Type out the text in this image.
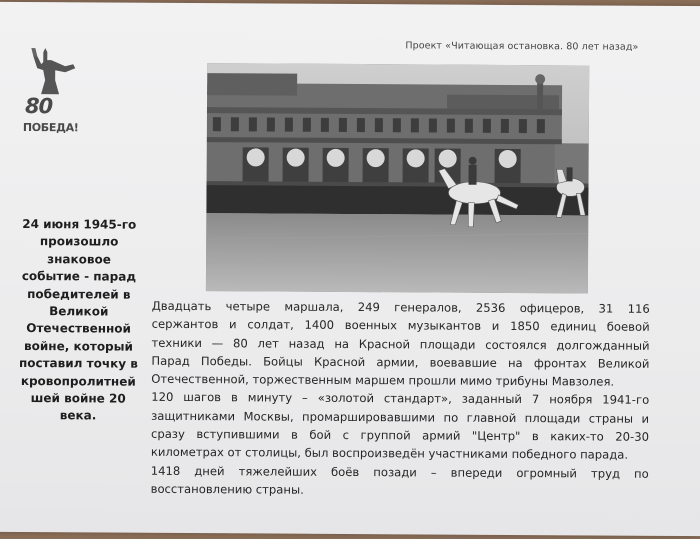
Проект «Читающая остановка. 80 лет назад»
80
ПОБЕДА!
24 июня 1945-го
произошло
знаковое
событие - парад
победителей в
Великой
Отечественной
войне, который
поставил точку в
кровопролитней
шей войне 20
века.
Двадцать четыре маршала, 249 генералов, 2536 офицеров, 31 116
сержантов и солдат, 1400 военных музыкантов и 1850 единиц боевой
техники — 80 лет назад на Красной площади состоялся долгожданный
Парад Победы. Бойцы Красной армии, воевавшие на фронтах Великой
Отечественной, торжественным маршем прошли мимо трибуны Мавзолея.
120 шагов в минуту – «золотой стандарт», заданный 7 ноября 1941-го
защитниками Москвы, промаршировавшими по главной площади страны и
сразу вступившими в бой с группой армий "Центр" в каких-то 20-30
километрах от столицы, был воспроизведён участниками победного парада.
1418 дней тяжелейших боёв позади – впереди огромный труд по
восстановлению страны.
